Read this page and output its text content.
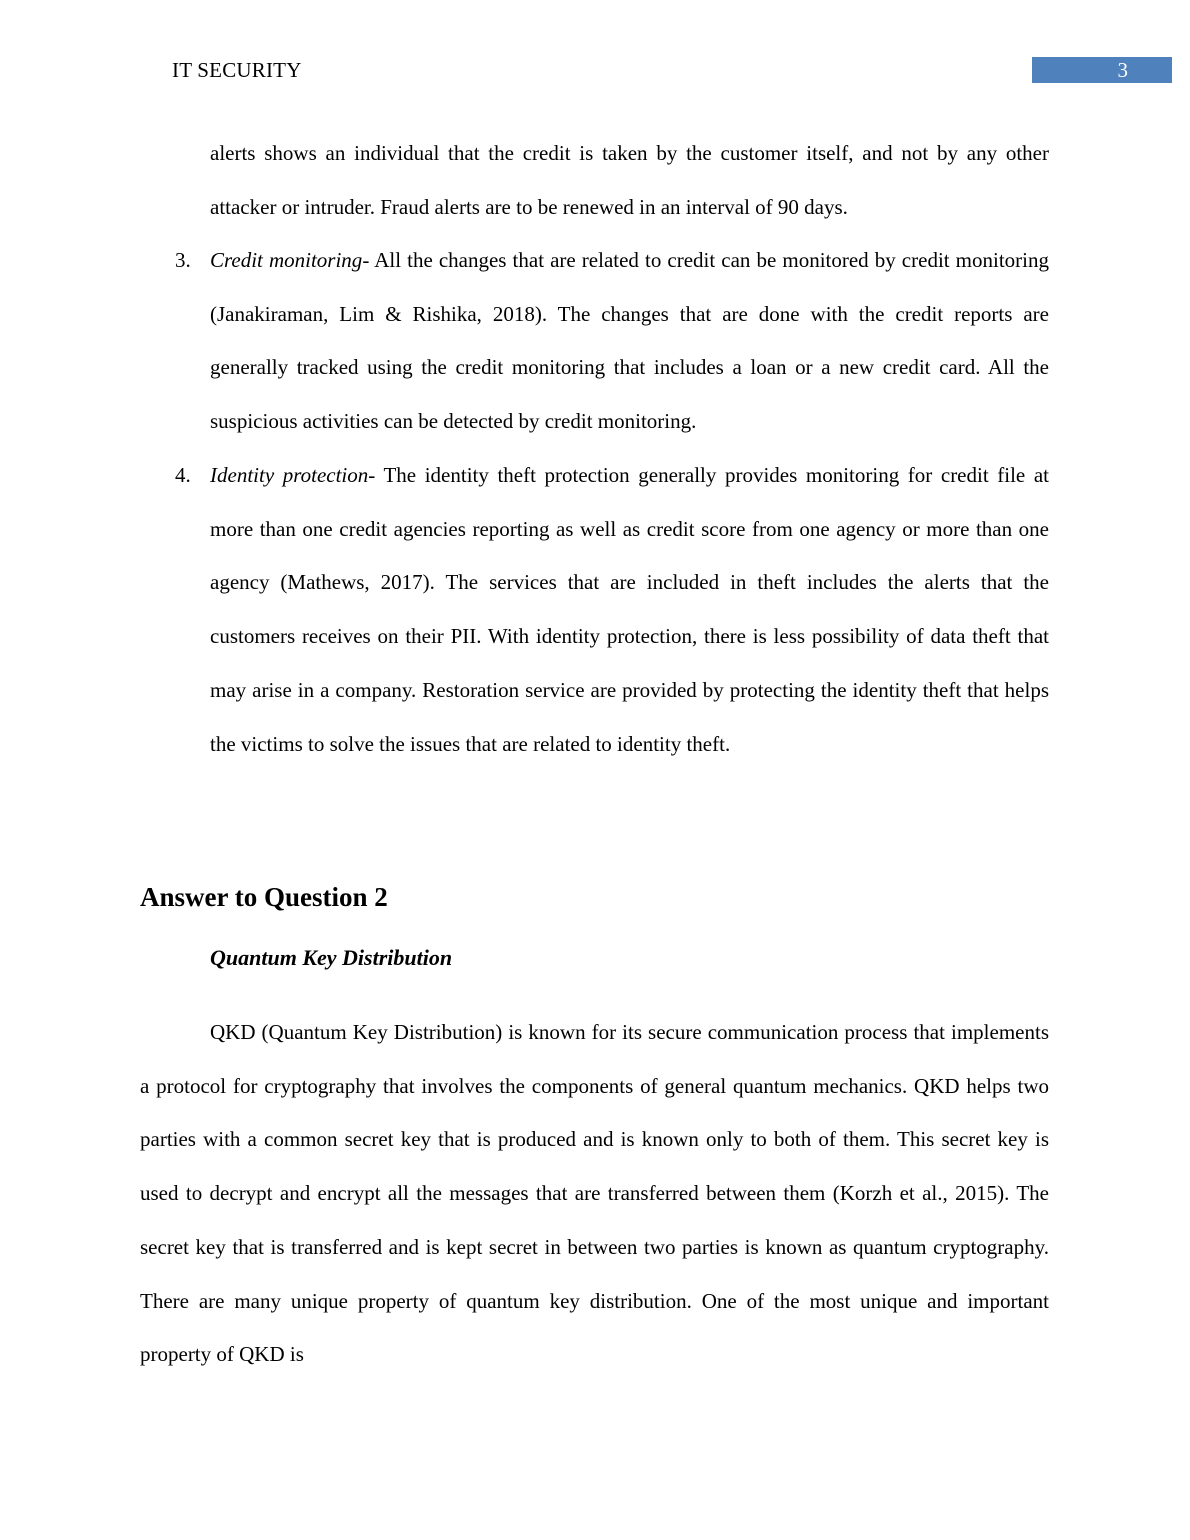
IT SECURITY	3
alerts shows an individual that the credit is taken by the customer itself, and not by any other attacker or intruder. Fraud alerts are to be renewed in an interval of 90 days.
3. Credit monitoring- All the changes that are related to credit can be monitored by credit monitoring (Janakiraman, Lim & Rishika, 2018). The changes that are done with the credit reports are generally tracked using the credit monitoring that includes a loan or a new credit card. All the suspicious activities can be detected by credit monitoring.
4. Identity protection- The identity theft protection generally provides monitoring for credit file at more than one credit agencies reporting as well as credit score from one agency or more than one agency (Mathews, 2017). The services that are included in theft includes the alerts that the customers receives on their PII. With identity protection, there is less possibility of data theft that may arise in a company. Restoration service are provided by protecting the identity theft that helps the victims to solve the issues that are related to identity theft.
Answer to Question 2
Quantum Key Distribution
QKD (Quantum Key Distribution) is known for its secure communication process that implements a protocol for cryptography that involves the components of general quantum mechanics. QKD helps two parties with a common secret key that is produced and is known only to both of them. This secret key is used to decrypt and encrypt all the messages that are transferred between them (Korzh et al., 2015). The secret key that is transferred and is kept secret in between two parties is known as quantum cryptography. There are many unique property of quantum key distribution. One of the most unique and important property of QKD is
